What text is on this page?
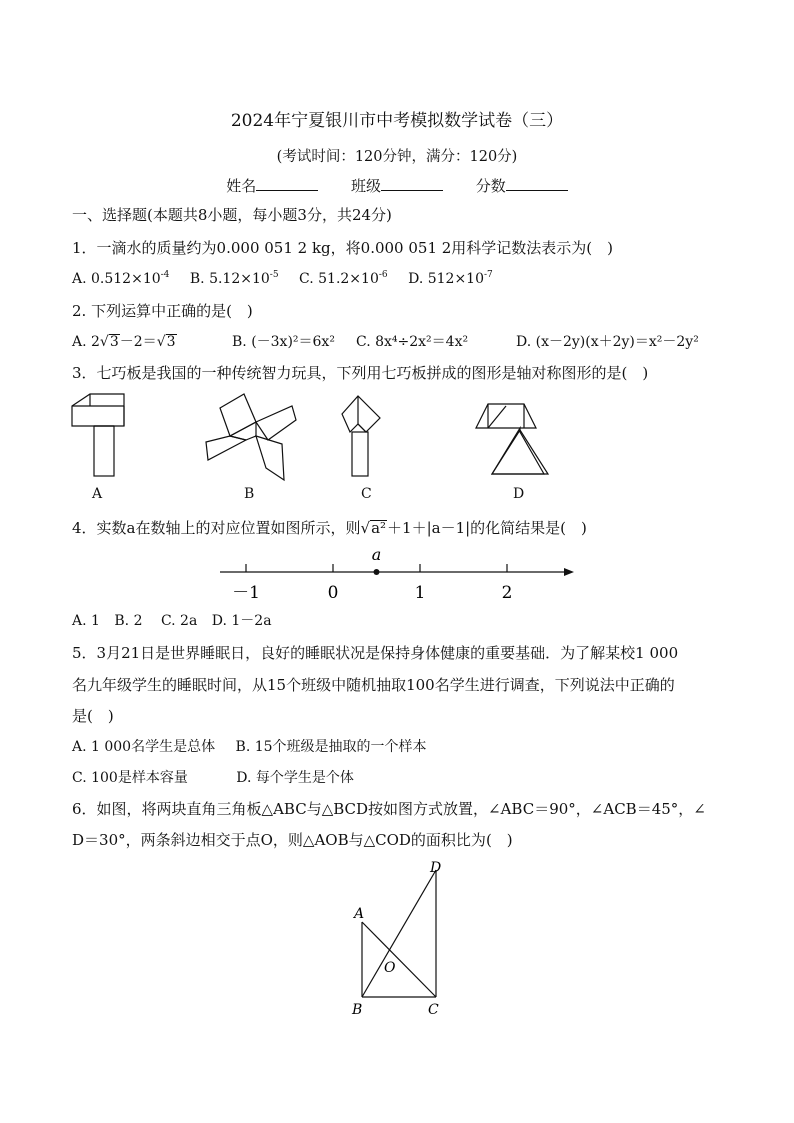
2024年宁夏银川市中考模拟数学试卷（三）
(考试时间：120分钟，满分：120分)
姓名	班级	分数
一、选择题(本题共8小题，每小题3分，共24分)
1．一滴水的质量约为0.000 051 2 kg，将0.000 051 2用科学记数法表示为(　)
A. $0.512\times 10^{-4}$ B. $5.12\times 10^{-5}$ C. $51.2\times 10^{-6}$ D. $512\times 10^{-7}$
2. 下列运算中正确的是(　)
A. 2√3－2＝√3	B. (－3x)²＝6x² C. 8x⁴÷2x²＝4x²	D. (x－2y)(x＋2y)＝x²－2y²
3．七巧板是我国的一种传统智力玩具，下列用七巧板拼成的图形是轴对称图形的是(　)
A	B	C	D
4．实数a在数轴上的对应位置如图所示，则√a²＋1＋|a－1|的化简结果是(　)
－1	0	1	2
a
A. 1 B. 2 C. 2a D. 1－2a
5．3月21日是世界睡眠日，良好的睡眠状况是保持身体健康的重要基础．为了解某校1 000
名九年级学生的睡眠时间，从15个班级中随机抽取100名学生进行调查，下列说法中正确的
是(　)
A. 1 000名学生是总体 B. 15个班级是抽取的一个样本
C. 100是样本容量	D. 每个学生是个体
6．如图，将两块直角三角板△ABC与△BCD按如图方式放置，∠ABC＝90°，∠ACB＝45°，∠
D＝30°，两条斜边相交于点O，则△AOB与△COD的面积比为(　)
A
B	C
D
O
